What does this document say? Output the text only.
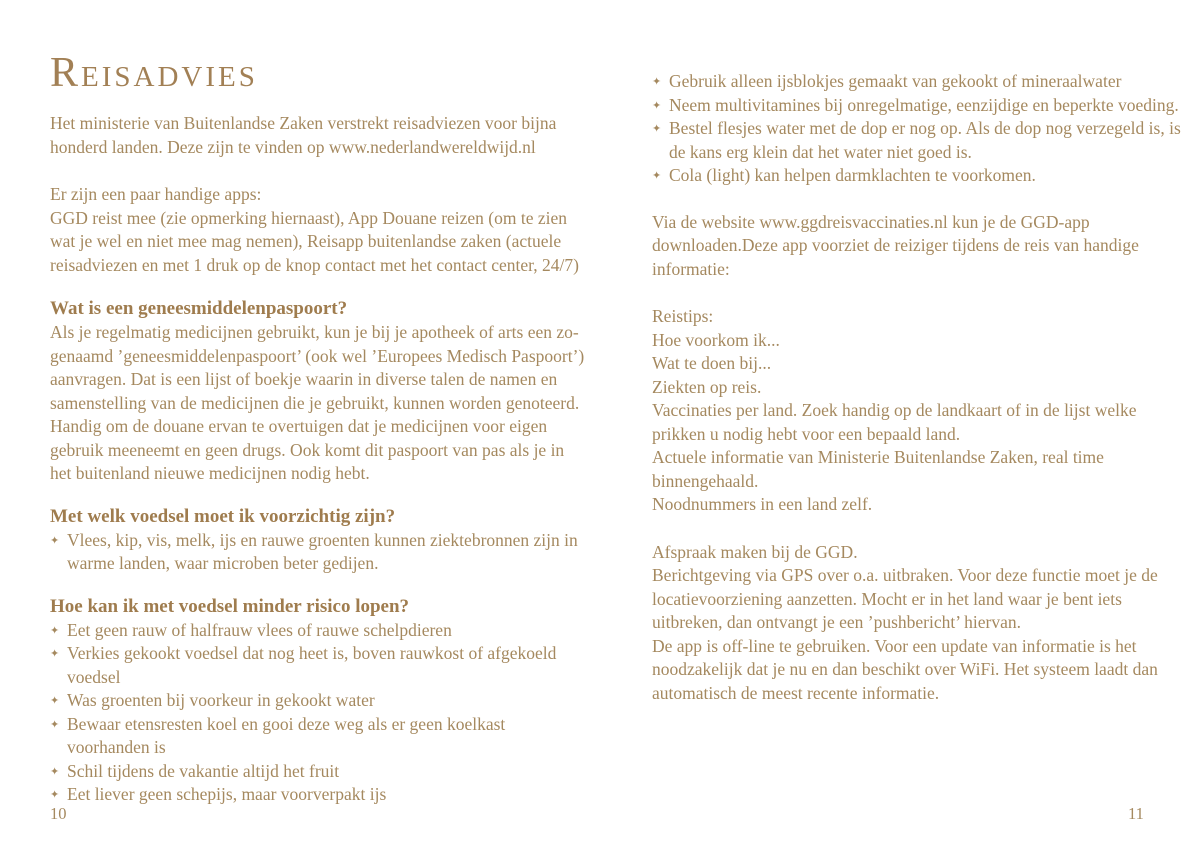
Reisadvies
Het ministerie van Buitenlandse Zaken verstrekt reisadviezen voor bijna
honderd landen. Deze zijn te vinden op www.nederlandwereldwijd.nl
Er zijn een paar handige apps:
GGD reist mee (zie opmerking hiernaast), App Douane reizen (om te zien
wat je wel en niet mee mag nemen), Reisapp buitenlandse zaken (actuele
reisadviezen en met 1 druk op de knop contact met het contact center, 24/7)
Wat is een geneesmiddelenpaspoort?
Als je regelmatig medicijnen gebruikt, kun je bij je apotheek of arts een zo-
genaamd ’geneesmiddelenpaspoort’ (ook wel ’Europees Medisch Paspoort’)
aanvragen. Dat is een lijst of boekje waarin in diverse talen de namen en
samenstelling van de medicijnen die je gebruikt, kunnen worden genoteerd.
Handig om de douane ervan te overtuigen dat je medicijnen voor eigen
gebruik meeneemt en geen drugs. Ook komt dit paspoort van pas als je in
het buitenland nieuwe medicijnen nodig hebt.
Met welk voedsel moet ik voorzichtig zijn?
✦ Vlees, kip, vis, melk, ijs en rauwe groenten kunnen ziektebronnen zijn in
warme landen, waar microben beter gedijen.
Hoe kan ik met voedsel minder risico lopen?
✦ Eet geen rauw of halfrauw vlees of rauwe schelpdieren
✦ Verkies gekookt voedsel dat nog heet is, boven rauwkost of afgekoeld
voedsel
✦ Was groenten bij voorkeur in gekookt water
✦ Bewaar etensresten koel en gooi deze weg als er geen koelkast
voorhanden is
✦ Schil tijdens de vakantie altijd het fruit
✦ Eet liever geen schepijs, maar voorverpakt ijs
✦ Gebruik alleen ijsblokjes gemaakt van gekookt of mineraalwater
✦ Neem multivitamines bij onregelmatige, eenzijdige en beperkte voeding.
✦ Bestel flesjes water met de dop er nog op. Als de dop nog verzegeld is, is
de kans erg klein dat het water niet goed is.
✦ Cola (light) kan helpen darmklachten te voorkomen.
Via de website www.ggdreisvaccinaties.nl kun je de GGD-app
downloaden.Deze app voorziet de reiziger tijdens de reis van handige
informatie:
Reistips:
Hoe voorkom ik...
Wat te doen bij...
Ziekten op reis.
Vaccinaties per land. Zoek handig op de landkaart of in de lijst welke
prikken u nodig hebt voor een bepaald land.
Actuele informatie van Ministerie Buitenlandse Zaken, real time
binnengehaald.
Noodnummers in een land zelf.
Afspraak maken bij de GGD.
Berichtgeving via GPS over o.a. uitbraken. Voor deze functie moet je de
locatievoorziening aanzetten. Mocht er in het land waar je bent iets
uitbreken, dan ontvangt je een ’pushbericht’ hiervan.
De app is off-line te gebruiken. Voor een update van informatie is het
noodzakelijk dat je nu en dan beschikt over WiFi. Het systeem laadt dan
automatisch de meest recente informatie.
10	11
